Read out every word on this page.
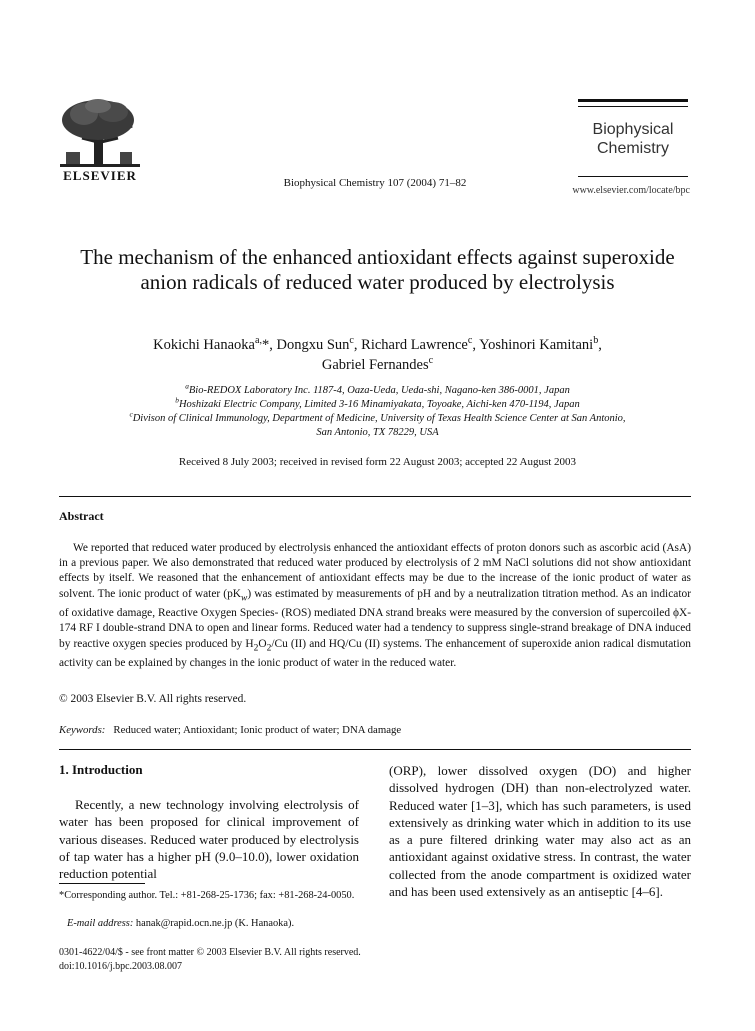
ELSEVIER	Biophysical Chemistry 107 (2004) 71–82
Biophysical
Chemistry
www.elsevier.com/locate/bpc
The mechanism of the enhanced antioxidant effects against superoxide anion radicals of reduced water produced by electrolysis
Kokichi Hanaoka$^{a,}$*, Dongxu Sun$^c$, Richard Lawrence$^c$, Yoshinori Kamitani$^b$,
Gabriel Fernandes$^c$
$^a$Bio-REDOX Laboratory Inc. 1187-4, Oaza-Ueda, Ueda-shi, Nagano-ken 386-0001, Japan
$^b$Hoshizaki Electric Company, Limited 3-16 Minamiyakata, Toyoake, Aichi-ken 470-1194, Japan
$^c$Divison of Clinical Immunology, Department of Medicine, University of Texas Health Science Center at San Antonio,
San Antonio, TX 78229, USA
Received 8 July 2003; received in revised form 22 August 2003; accepted 22 August 2003
Abstract
We reported that reduced water produced by electrolysis enhanced the antioxidant effects of proton donors such as ascorbic acid (AsA) in a previous paper. We also demonstrated that reduced water produced by electrolysis of 2 mM NaCl solutions did not show antioxidant effects by itself. We reasoned that the enhancement of antioxidant effects may be due to the increase of the ionic product of water as solvent. The ionic product of water $(pK_w)$ was estimated by measurements of pH and by a neutralization titration method. As an indicator of oxidative damage, Reactive Oxygen Species- (ROS) mediated DNA strand breaks were measured by the conversion of supercoiled ϕX-174 RF I double-strand DNA to open and linear forms. Reduced water had a tendency to suppress single-strand breakage of DNA induced by reactive oxygen species produced by $H_2O_2/Cu$ (II) and HQ/Cu (II) systems. The enhancement of superoxide anion radical dismutation activity can be explained by changes in the ionic product of water in the reduced water.
© 2003 Elsevier B.V. All rights reserved.
Keywords: Reduced water; Antioxidant; Ionic product of water; DNA damage
1. Introduction
Recently, a new technology involving electrolysis of water has been proposed for clinical improvement of various diseases. Reduced water produced by electrolysis of tap water has a higher pH (9.0–10.0), lower oxidation reduction potential
(ORP), lower dissolved oxygen (DO) and higher dissolved hydrogen (DH) than non-electrolyzed water. Reduced water [1–3], which has such parameters, is used extensively as drinking water which in addition to its use as a pure filtered drinking water may also act as an antioxidant against oxidative stress. In contrast, the water collected from the anode compartment is oxidized water and has been used extensively as an antiseptic [4–6].
*Corresponding author. Tel.: +81-268-25-1736; fax: +81-268-24-0050.
E-mail address: hanak@rapid.ocn.ne.jp (K. Hanaoka).
0301-4622/04/$ - see front matter © 2003 Elsevier B.V. All rights reserved.
doi:10.1016/j.bpc.2003.08.007
